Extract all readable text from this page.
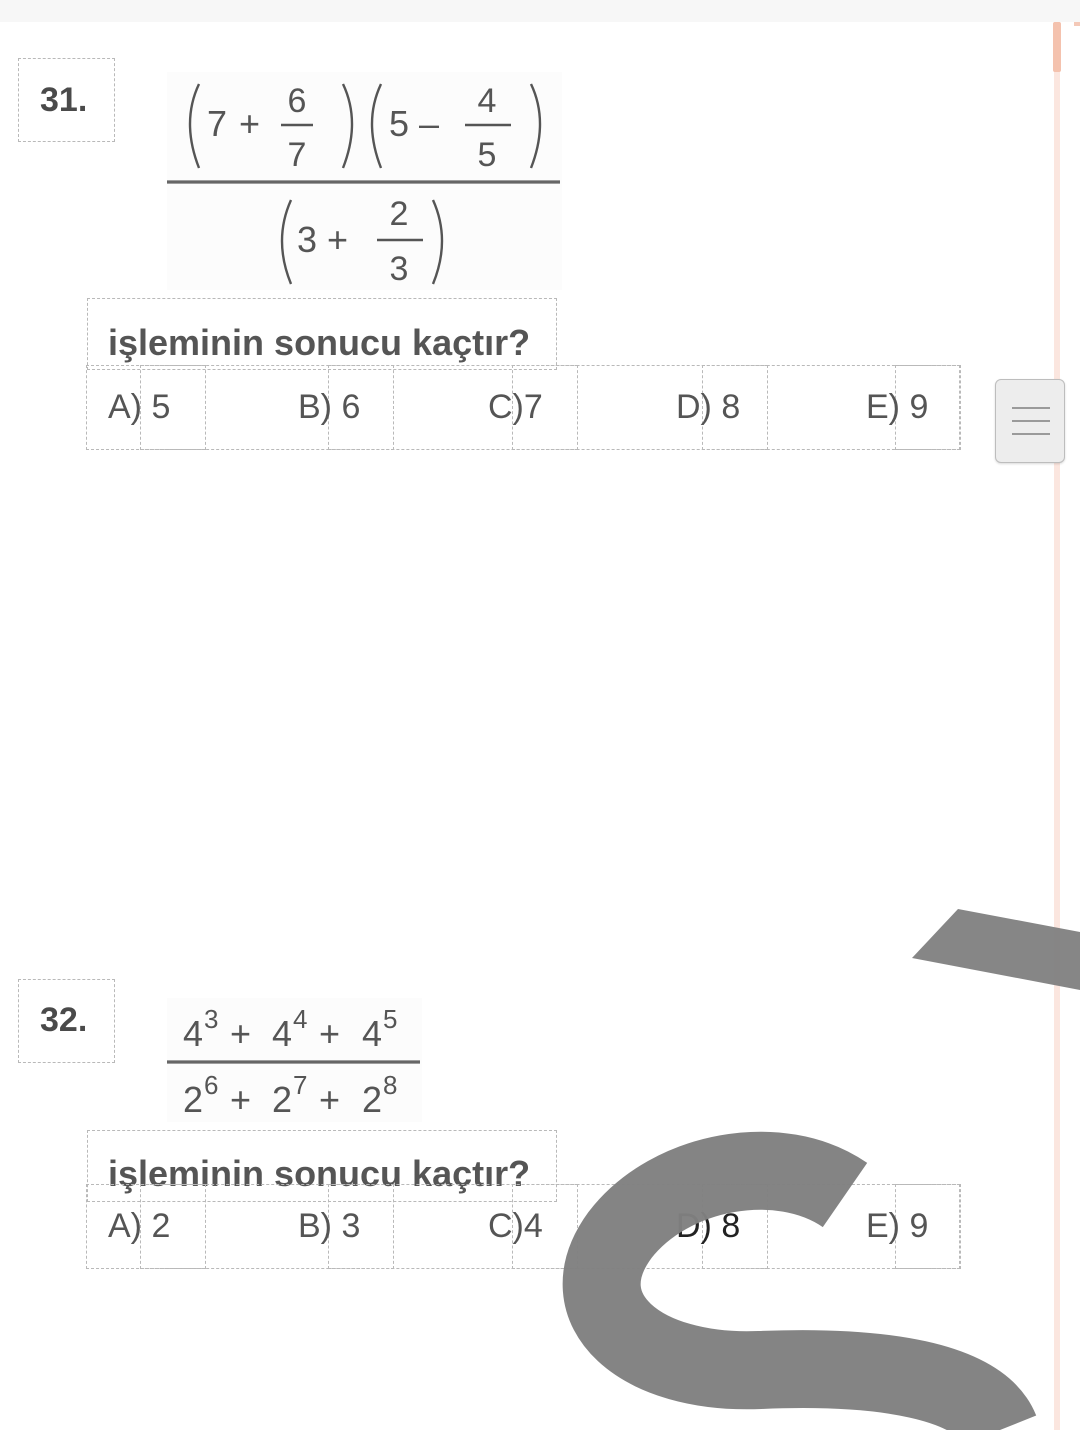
31.
7 +
6
7
5 –
4
5
3 +
2
3
işleminin sonucu kaçtır?
A) 5	B) 6	C)7	D) 8	E) 9
32.	4 3 + 4 4 + 4 5
2 6 + 2 7 + 2 8
işleminin sonucu kaçtır?
A) 2	B) 3	C)4	D) 8	E) 9
